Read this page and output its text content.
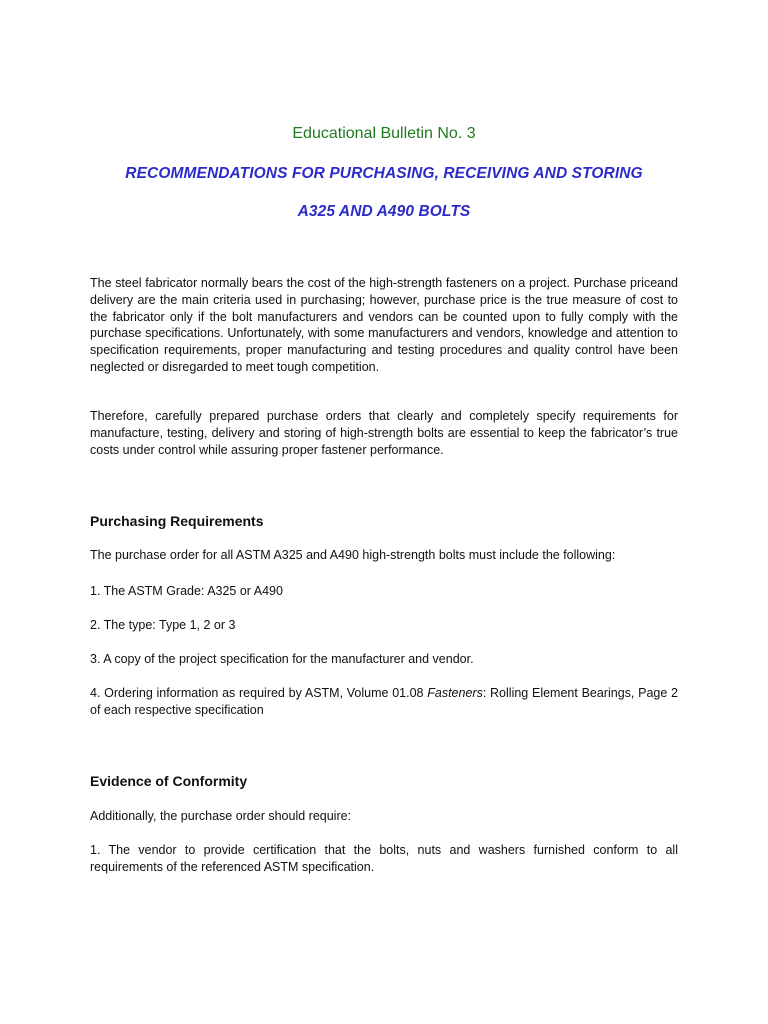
Educational Bulletin No. 3
RECOMMENDATIONS FOR PURCHASING, RECEIVING AND STORING
A325 AND A490 BOLTS
The steel fabricator normally bears the cost of the high-strength fasteners on a project. Purchase priceand delivery are the main criteria used in purchasing; however, purchase price is the true measure of cost to the fabricator only if the bolt manufacturers and vendors can be counted upon to fully comply with the purchase specifications. Unfortunately, with some manufacturers and vendors, knowledge and attention to specification requirements, proper manufacturing and testing procedures and quality control have been neglected or disregarded to meet tough competition.
Therefore, carefully prepared purchase orders that clearly and completely specify requirements for manufacture, testing, delivery and storing of high-strength bolts are essential to keep the fabricator’s true costs under control while assuring proper fastener performance.
Purchasing Requirements
The purchase order for all ASTM A325 and A490 high-strength bolts must include the following:
1. The ASTM Grade: A325 or A490
2. The type: Type 1, 2 or 3
3. A copy of the project specification for the manufacturer and vendor.
4. Ordering information as required by ASTM, Volume 01.08 Fasteners: Rolling Element Bearings, Page 2 of each respective specification
Evidence of Conformity
Additionally, the purchase order should require:
1. The vendor to provide certification that the bolts, nuts and washers furnished conform to all requirements of the referenced ASTM specification.
